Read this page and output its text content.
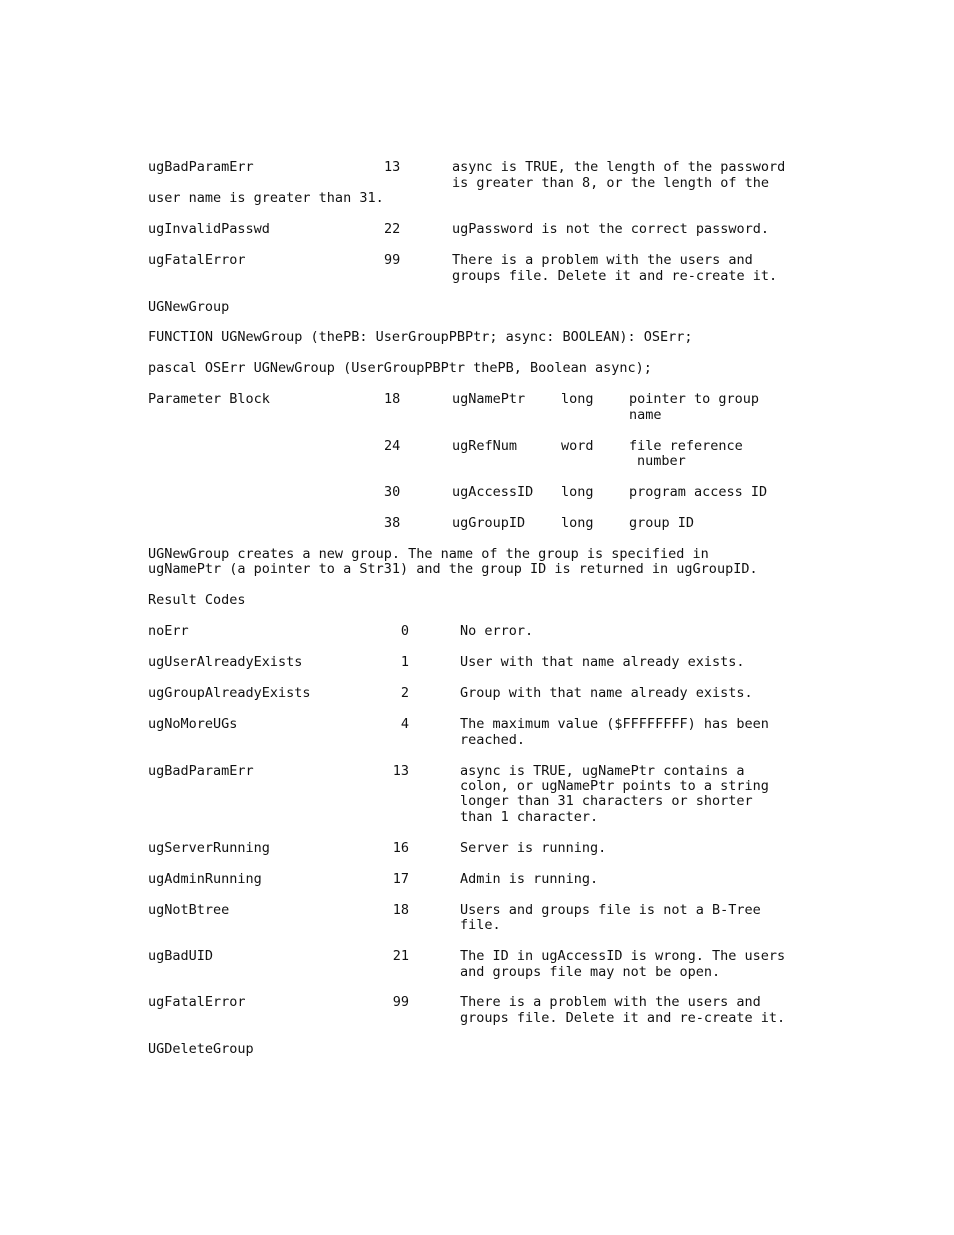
ugBadParamErr	13	async is TRUE, the length of the password
is greater than 8, or the length of the
user name is greater than 31.
ugInvalidPasswd	22	ugPassword is not the correct password.
ugFatalError	99	There is a problem with the users and
groups file. Delete it and re-create it.
UGNewGroup
FUNCTION UGNewGroup (thePB: UserGroupPBPtr; async: BOOLEAN): OSErr;
pascal OSErr UGNewGroup (UserGroupPBPtr thePB, Boolean async);
Parameter Block	18	ugNamePtr	long	pointer to group
name
24	ugRefNum	word	file reference
number
30	ugAccessID long	program access ID
38	ugGroupID	long	group ID
UGNewGroup creates a new group. The name of the group is specified in
ugNamePtr (a pointer to a Str31) and the group ID is returned in ugGroupID.
Result Codes
noErr	0	No error.
ugUserAlreadyExists	1	User with that name already exists.
ugGroupAlreadyExists	2	Group with that name already exists.
ugNoMoreUGs	4	The maximum value ($FFFFFFFF) has been
reached.
ugBadParamErr	13	async is TRUE, ugNamePtr contains a
colon, or ugNamePtr points to a string
longer than 31 characters or shorter
than 1 character.
ugServerRunning	16	Server is running.
ugAdminRunning	17	Admin is running.
ugNotBtree	18	Users and groups file is not a B-Tree
file.
ugBadUID	21	The ID in ugAccessID is wrong. The users
and groups file may not be open.
ugFatalError	99	There is a problem with the users and
groups file. Delete it and re-create it.
UGDeleteGroup
